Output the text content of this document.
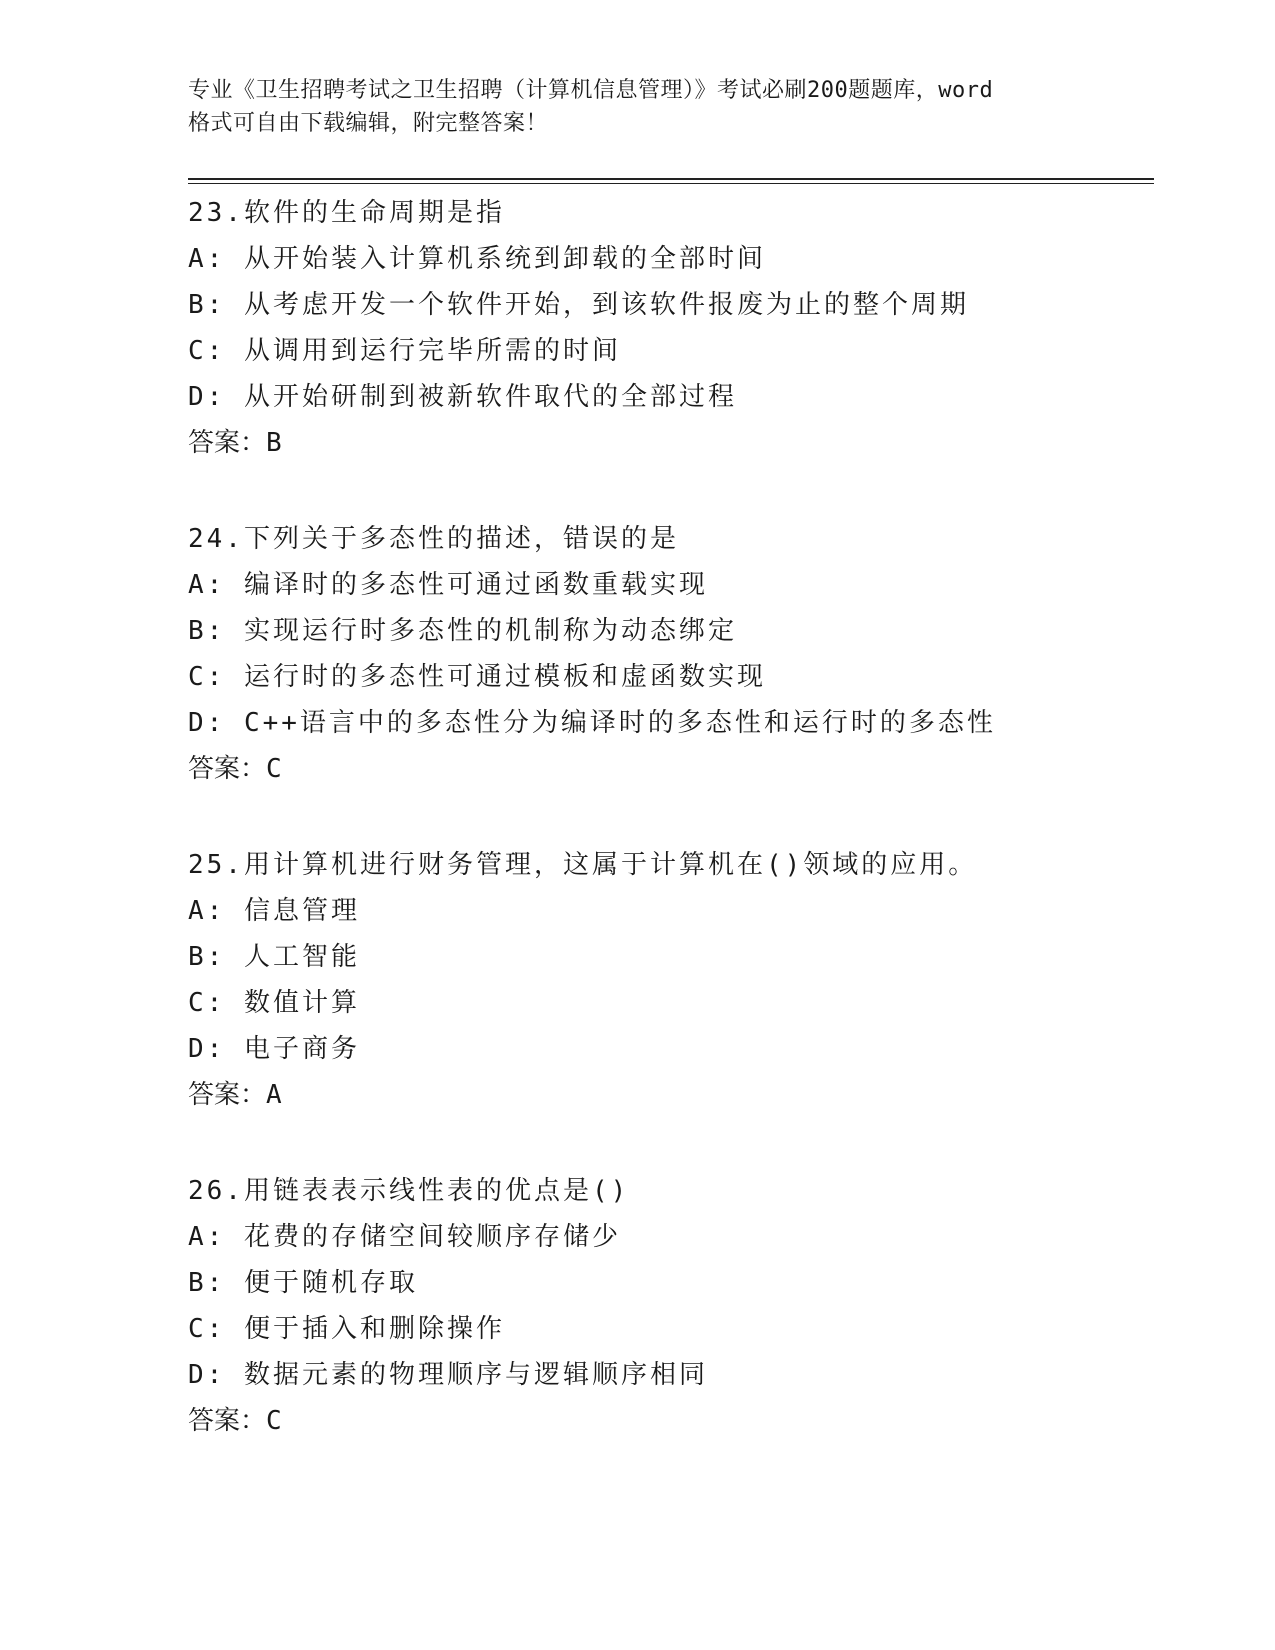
专业《卫生招聘考试之卫生招聘（计算机信息管理）》考试必刷200题题库，word
格式可自由下载编辑，附完整答案！
23.软件的生命周期是指
A: 从开始装入计算机系统到卸载的全部时间
B: 从考虑开发一个软件开始，到该软件报废为止的整个周期
C: 从调用到运行完毕所需的时间
D: 从开始研制到被新软件取代的全部过程
答案：B
24.下列关于多态性的描述，错误的是
A: 编译时的多态性可通过函数重载实现
B: 实现运行时多态性的机制称为动态绑定
C: 运行时的多态性可通过模板和虚函数实现
D: C++语言中的多态性分为编译时的多态性和运行时的多态性
答案：C
25.用计算机进行财务管理，这属于计算机在()领域的应用。
A: 信息管理
B: 人工智能
C: 数值计算
D: 电子商务
答案：A
26.用链表表示线性表的优点是()
A: 花费的存储空间较顺序存储少
B: 便于随机存取
C: 便于插入和删除操作
D: 数据元素的物理顺序与逻辑顺序相同
答案：C
